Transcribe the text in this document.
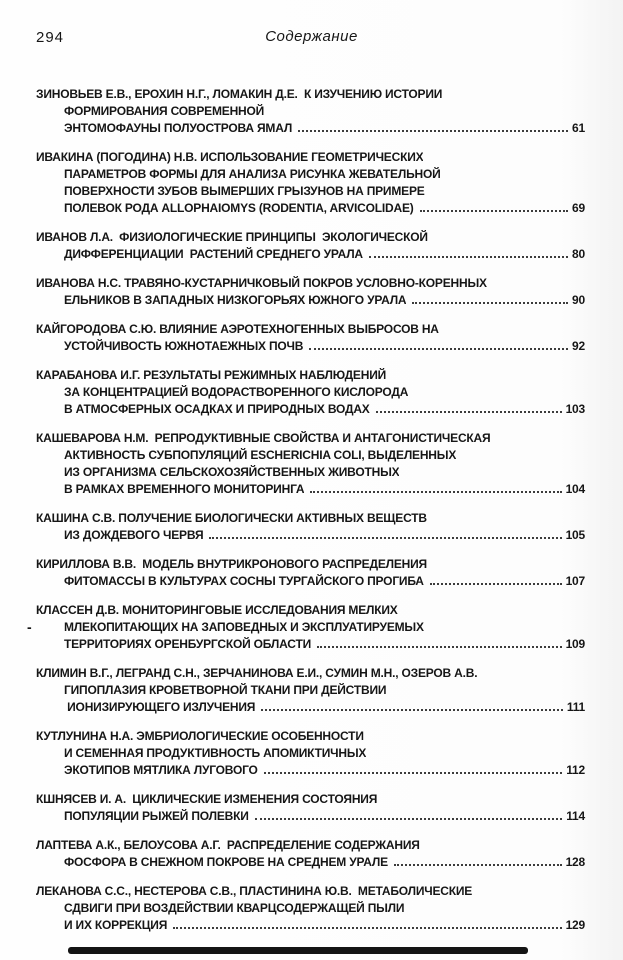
294	Содержание
ЗИНОВЬЕВ Е.В., ЕРОХИН Н.Г., ЛОМАКИН Д.Е.  К ИЗУЧЕНИЮ ИСТОРИИ
ФОРМИРОВАНИЯ СОВРЕМЕННОЙ
ЭНТОМОФАУНЫ ПОЛУОСТРОВА ЯМАЛ	61
ИВАКИНА (ПОГОДИНА) Н.В. ИСПОЛЬЗОВАНИЕ ГЕОМЕТРИЧЕСКИХ
ПАРАМЕТРОВ ФОРМЫ ДЛЯ АНАЛИЗА РИСУНКА ЖЕВАТЕЛЬНОЙ
ПОВЕРХНОСТИ ЗУБОВ ВЫМЕРШИХ ГРЫЗУНОВ НА ПРИМЕРЕ
ПОЛЕВОК РОДА ALLOPHAIOMYS (RODENTIA, ARVICOLIDAE)	69
ИВАНОВ Л.А.  ФИЗИОЛОГИЧЕСКИЕ ПРИНЦИПЫ  ЭКОЛОГИЧЕСКОЙ
ДИФФЕРЕНЦИАЦИИ  РАСТЕНИЙ СРЕДНЕГО УРАЛА	80
ИВАНОВА Н.С. ТРАВЯНО-КУСТАРНИЧКОВЫЙ ПОКРОВ УСЛОВНО-КОРЕННЫХ
ЕЛЬНИКОВ В ЗАПАДНЫХ НИЗКОГОРЬЯХ ЮЖНОГО УРАЛА	90
КАЙГОРОДОВА С.Ю. ВЛИЯНИЕ АЭРОТЕХНОГЕННЫХ ВЫБРОСОВ НА
УСТОЙЧИВОСТЬ ЮЖНОТАЕЖНЫХ ПОЧВ	92
КАРАБАНОВА И.Г. РЕЗУЛЬТАТЫ РЕЖИМНЫХ НАБЛЮДЕНИЙ
ЗА КОНЦЕНТРАЦИЕЙ ВОДОРАСТВОРЕННОГО КИСЛОРОДА
В АТМОСФЕРНЫХ ОСАДКАХ И ПРИРОДНЫХ ВОДАХ	103
КАШЕВАРОВА Н.М.  РЕПРОДУКТИВНЫЕ СВОЙСТВА И АНТАГОНИСТИЧЕСКАЯ
АКТИВНОСТЬ СУБПОПУЛЯЦИЙ ESCHERICHIA COLI, ВЫДЕЛЕННЫХ
ИЗ ОРГАНИЗМА СЕЛЬСКОХОЗЯЙСТВЕННЫХ ЖИВОТНЫХ
В РАМКАХ ВРЕМЕННОГО МОНИТОРИНГА	104
КАШИНА С.В. ПОЛУЧЕНИЕ БИОЛОГИЧЕСКИ АКТИВНЫХ ВЕЩЕСТВ
ИЗ ДОЖДЕВОГО ЧЕРВЯ	105
КИРИЛЛОВА В.В.  МОДЕЛЬ ВНУТРИКРОНОВОГО РАСПРЕДЕЛЕНИЯ
ФИТОМАССЫ В КУЛЬТУРАХ СОСНЫ ТУРГАЙСКОГО ПРОГИБА	107
КЛАССЕН Д.В. МОНИТОРИНГОВЫЕ ИССЛЕДОВАНИЯ МЕЛКИХ
МЛЕКОПИТАЮЩИХ НА ЗАПОВЕДНЫХ И ЭКСПЛУАТИРУЕМЫХ
ТЕРРИТОРИЯХ ОРЕНБУРГСКОЙ ОБЛАСТИ	109
КЛИМИН В.Г., ЛЕГРАНД С.Н., ЗЕРЧАНИНОВА Е.И., СУМИН М.Н., ОЗЕРОВ А.В.
ГИПОПЛАЗИЯ КРОВЕТВОРНОЙ ТКАНИ ПРИ ДЕЙСТВИИ
ИОНИЗИРУЮЩЕГО ИЗЛУЧЕНИЯ	111
КУТЛУНИНА Н.А. ЭМБРИОЛОГИЧЕСКИЕ ОСОБЕННОСТИ
И СЕМЕННАЯ ПРОДУКТИВНОСТЬ АПОМИКТИЧНЫХ
ЭКОТИПОВ МЯТЛИКА ЛУГОВОГО	112
КШНЯСЕВ И. А.  ЦИКЛИЧЕСКИЕ ИЗМЕНЕНИЯ СОСТОЯНИЯ
ПОПУЛЯЦИИ РЫЖЕЙ ПОЛЕВКИ	114
ЛАПТЕВА А.К., БЕЛОУСОВА А.Г.  РАСПРЕДЕЛЕНИЕ СОДЕРЖАНИЯ
ФОСФОРА В СНЕЖНОМ ПОКРОВЕ НА СРЕДНЕМ УРАЛЕ	128
ЛЕКАНОВА С.С., НЕСТЕРОВА С.В., ПЛАСТИНИНА Ю.В.  МЕТАБОЛИЧЕСКИЕ
СДВИГИ ПРИ ВОЗДЕЙСТВИИ КВАРЦСОДЕРЖАЩЕЙ ПЫЛИ
И ИХ КОРРЕКЦИЯ	129
-
